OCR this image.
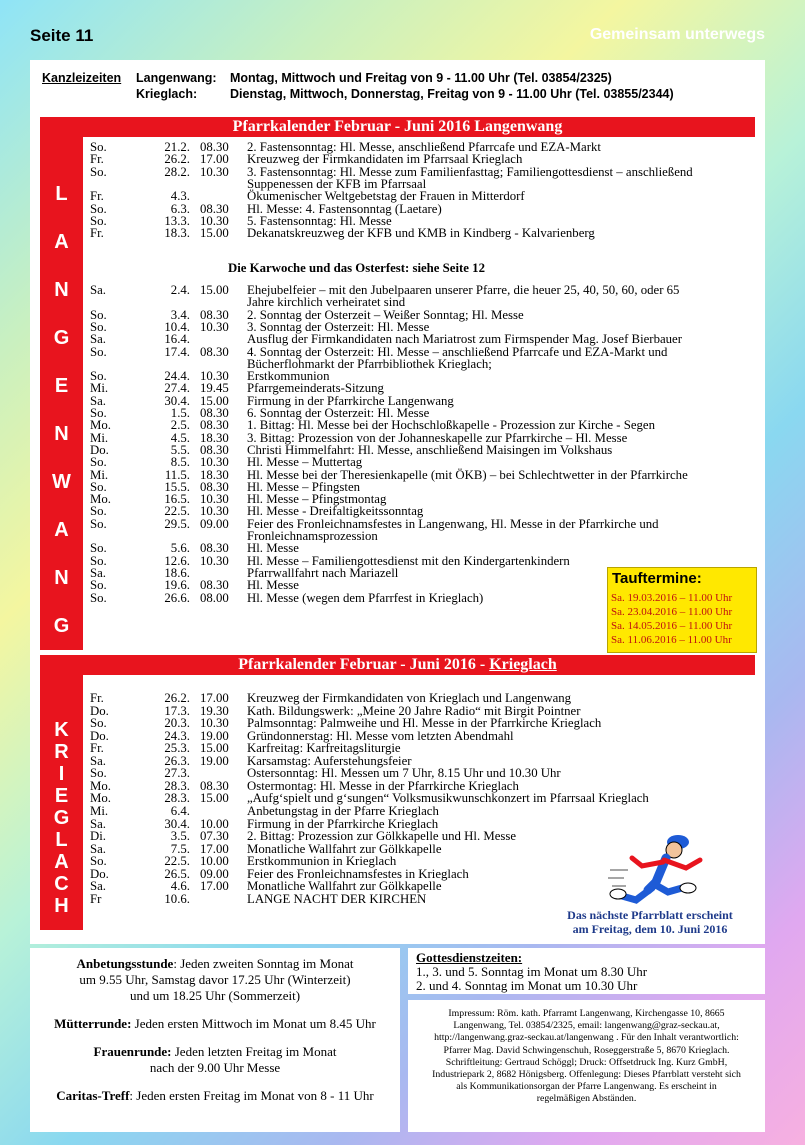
Seite 11	Gemeinsam unterwegs
Kanzleizeiten Langenwang: Montag, Mittwoch und Freitag von 9 - 11.00 Uhr (Tel. 03854/2325)
Krieglach:	Dienstag, Mittwoch, Donnerstag, Freitag von 9 - 11.00 Uhr (Tel. 03855/2344)
Pfarrkalender Februar - Juni 2016 Langenwang
L
A
N
G
E
N
W
A
N
G
So.	21.2. 08.30 2. Fastensonntag: Hl. Messe, anschließend Pfarrcafe und EZA-Markt
Fr.	26.2. 17.00 Kreuzweg der Firmkandidaten im Pfarrsaal Krieglach
So.	28.2. 10.30 3. Fastensonntag: Hl. Messe zum Familienfasttag; Familiengottesdienst – anschließend
Suppenessen der KFB im Pfarrsaal
Fr.	4.3.	Ökumenischer Weltgebetstag der Frauen in Mitterdorf
So.	6.3. 08.30 Hl. Messe: 4. Fastensonntag (Laetare)
So.	13.3. 10.30 5. Fastensonntag: Hl. Messe
Fr.	18.3. 15.00 Dekanatskreuzweg der KFB und KMB in Kindberg - Kalvarienberg
Sa.	2.4. 15.00 Ehejubelfeier – mit den Jubelpaaren unserer Pfarre, die heuer 25, 40, 50, 60, oder 65
Jahre kirchlich verheiratet sind
So.	3.4. 08.30 2. Sonntag der Osterzeit – Weißer Sonntag; Hl. Messe
So.	10.4. 10.30 3. Sonntag der Osterzeit: Hl. Messe
Sa.	16.4.	Ausflug der Firmkandidaten nach Mariatrost zum Firmspender Mag. Josef Bierbauer
So.	17.4. 08.30 4. Sonntag der Osterzeit: Hl. Messe – anschließend Pfarrcafe und EZA-Markt und
Bücherflohmarkt der Pfarrbibliothek Krieglach;
So.	24.4. 10.30 Erstkommunion
Mi.	27.4. 19.45 Pfarrgemeinderats-Sitzung
Sa.	30.4. 15.00 Firmung in der Pfarrkirche Langenwang
So.	1.5. 08.30 6. Sonntag der Osterzeit: Hl. Messe
Mo.	2.5. 08.30 1. Bittag: Hl. Messe bei der Hochschloßkapelle - Prozession zur Kirche - Segen
Mi.	4.5. 18.30 3. Bittag: Prozession von der Johanneskapelle zur Pfarrkirche – Hl. Messe
Do.	5.5. 08.30 Christi Himmelfahrt: Hl. Messe, anschließend Maisingen im Volkshaus
So.	8.5. 10.30 Hl. Messe – Muttertag
Mi.	11.5. 18.30 Hl. Messe bei der Theresienkapelle (mit ÖKB) – bei Schlechtwetter in der Pfarrkirche
So.	15.5. 08.30 Hl. Messe – Pfingsten
Mo.	16.5. 10.30 Hl. Messe – Pfingstmontag
So.	22.5. 10.30 Hl. Messe - Dreifaltigkeitssonntag
So.	29.5. 09.00 Feier des Fronleichnamsfestes in Langenwang, Hl. Messe in der Pfarrkirche und
Fronleichnamsprozession
So.	5.6. 08.30 Hl. Messe
So.	12.6. 10.30 Hl. Messe – Familiengottesdienst mit den Kindergartenkindern
Sa.	18.6.	Pfarrwallfahrt nach Mariazell
So.	19.6. 08.30 Hl. Messe
So.	26.6. 08.00 Hl. Messe (wegen dem Pfarrfest in Krieglach)
Die Karwoche und das Osterfest: siehe Seite 12
Tauftermine:
Sa. 19.03.2016 – 11.00 Uhr
Sa. 23.04.2016 – 11.00 Uhr
Sa. 14.05.2016 – 11.00 Uhr
Sa. 11.06.2016 – 11.00 Uhr
Pfarrkalender Februar - Juni 2016 - Krieglach
K
R
I
E
G
L
A
C
H
Fr.	26.2. 17.00 Kreuzweg der Firmkandidaten von Krieglach und Langenwang
Do.	17.3. 19.30 Kath. Bildungswerk: „Meine 20 Jahre Radio“ mit Birgit Pointner
So.	20.3. 10.30 Palmsonntag: Palmweihe und Hl. Messe in der Pfarrkirche Krieglach
Do.	24.3. 19.00 Gründonnerstag: Hl. Messe vom letzten Abendmahl
Fr.	25.3. 15.00 Karfreitag: Karfreitagsliturgie
Sa.	26.3. 19.00 Karsamstag: Auferstehungsfeier
So.	27.3.	Ostersonntag: Hl. Messen um 7 Uhr, 8.15 Uhr und 10.30 Uhr
Mo.	28.3. 08.30 Ostermontag: Hl. Messe in der Pfarrkirche Krieglach
Mo.	28.3. 15.00 „Aufg‘spielt und g‘sungen“ Volksmusikwunschkonzert im Pfarrsaal Krieglach
Mi.	6.4.	Anbetungstag in der Pfarre Krieglach
Sa.	30.4. 10.00 Firmung in der Pfarrkirche Krieglach
Di.	3.5. 07.30 2. Bittag: Prozession zur Gölkkapelle und Hl. Messe
Sa.	7.5. 17.00 Monatliche Wallfahrt zur Gölkkapelle
So.	22.5. 10.00 Erstkommunion in Krieglach
Do.	26.5. 09.00 Feier des Fronleichnamsfestes in Krieglach
Sa.	4.6. 17.00 Monatliche Wallfahrt zur Gölkkapelle
Fr	10.6.	LANGE NACHT DER KIRCHEN
Das nächste Pfarrblatt erscheint
am Freitag, dem 10. Juni 2016
Anbetungsstunde: Jeden zweiten Sonntag im Monat
um 9.55 Uhr, Samstag davor 17.25 Uhr (Winterzeit)
und um 18.25 Uhr (Sommerzeit)
Mütterrunde: Jeden ersten Mittwoch im Monat um 8.45 Uhr
Frauenrunde: Jeden letzten Freitag im Monat
nach der 9.00 Uhr Messe
Caritas-Treff: Jeden ersten Freitag im Monat von 8 - 11 Uhr
Gottesdienstzeiten:
1., 3. und 5. Sonntag im Monat um 8.30 Uhr
2. und 4. Sonntag im Monat um 10.30 Uhr
Impressum: Röm. kath. Pfarramt Langenwang, Kirchengasse 10, 8665
Langenwang, Tel. 03854/2325, email: langenwang@graz-seckau.at,
http://langenwang.graz-seckau.at/langenwang . Für den Inhalt verantwortlich:
Pfarrer Mag. David Schwingenschuh, Roseggerstraße 5, 8670 Krieglach.
Schriftleitung: Gertraud Schöggl; Druck: Offsetdruck Ing. Kurz GmbH,
Industriepark 2, 8682 Hönigsberg. Offenlegung: Dieses Pfarrblatt versteht sich
als Kommunikationsorgan der Pfarre Langenwang. Es erscheint in
regelmäßigen Abständen.
